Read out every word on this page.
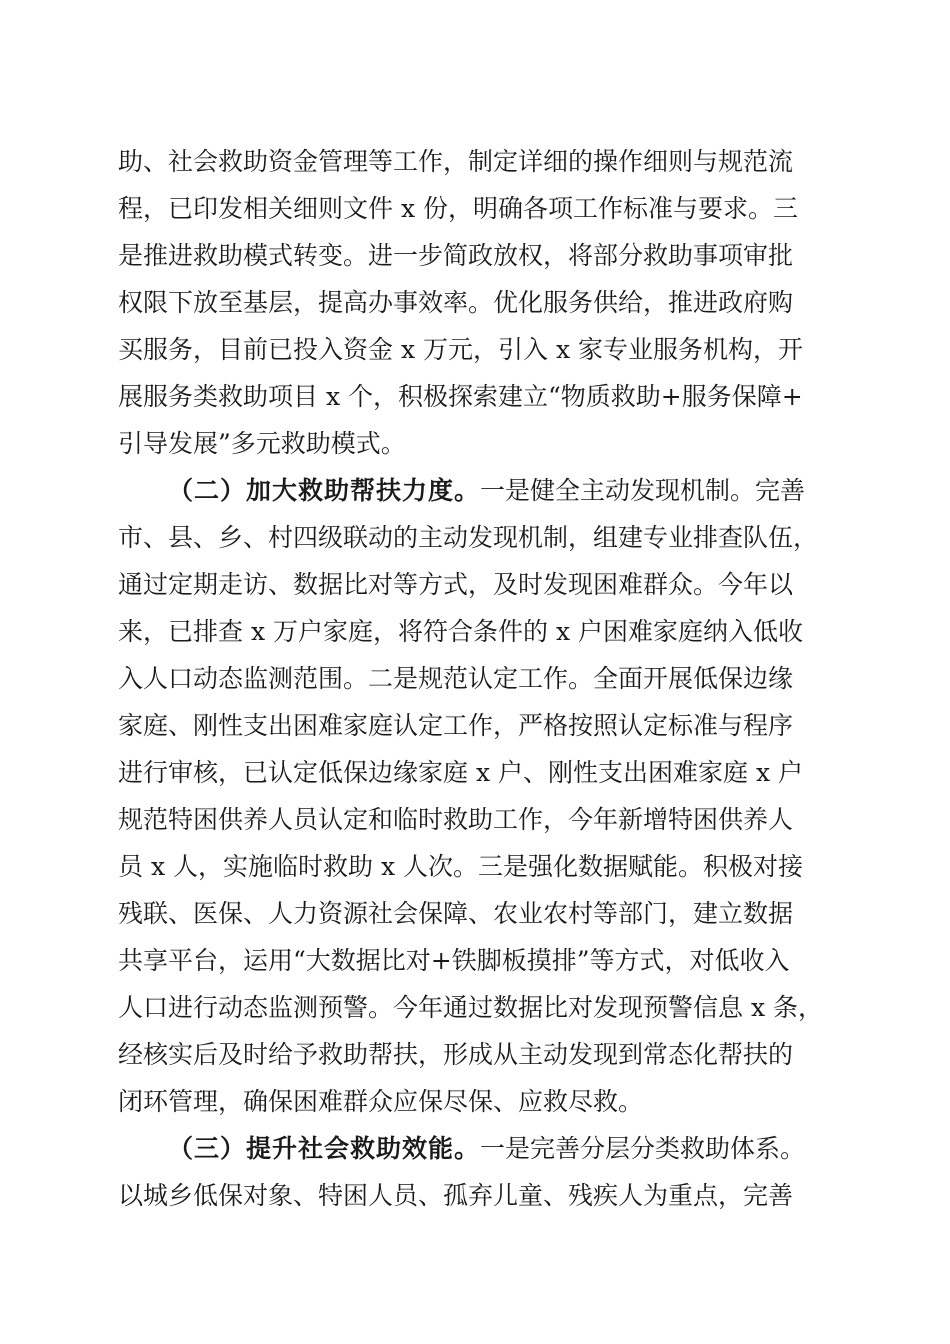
助、社会救助资金管理等工作，制定详细的操作细则与规范流
程，已印发相关细则文件 x 份，明确各项工作标准与要求。三
是推进救助模式转变。进一步简政放权，将部分救助事项审批
权限下放至基层，提高办事效率。优化服务供给，推进政府购
买服务，目前已投入资金 x 万元，引入 x 家专业服务机构，开
展服务类救助项目 x 个，积极探索建立“物质救助+服务保障+
引导发展”多元救助模式。
（二）加大救助帮扶力度。一是健全主动发现机制。完善
市、县、乡、村四级联动的主动发现机制，组建专业排查队伍，
通过定期走访、数据比对等方式，及时发现困难群众。今年以
来，已排查 x 万户家庭，将符合条件的 x 户困难家庭纳入低收
入人口动态监测范围。二是规范认定工作。全面开展低保边缘
家庭、刚性支出困难家庭认定工作，严格按照认定标准与程序
进行审核，已认定低保边缘家庭 x 户、刚性支出困难家庭 x 户
规范特困供养人员认定和临时救助工作，今年新增特困供养人
员 x 人，实施临时救助 x 人次。三是强化数据赋能。积极对接
残联、医保、人力资源社会保障、农业农村等部门，建立数据
共享平台，运用“大数据比对+铁脚板摸排”等方式，对低收入
人口进行动态监测预警。今年通过数据比对发现预警信息 x 条，
经核实后及时给予救助帮扶，形成从主动发现到常态化帮扶的
闭环管理，确保困难群众应保尽保、应救尽救。
（三）提升社会救助效能。一是完善分层分类救助体系。
以城乡低保对象、特困人员、孤弃儿童、残疾人为重点，完善
